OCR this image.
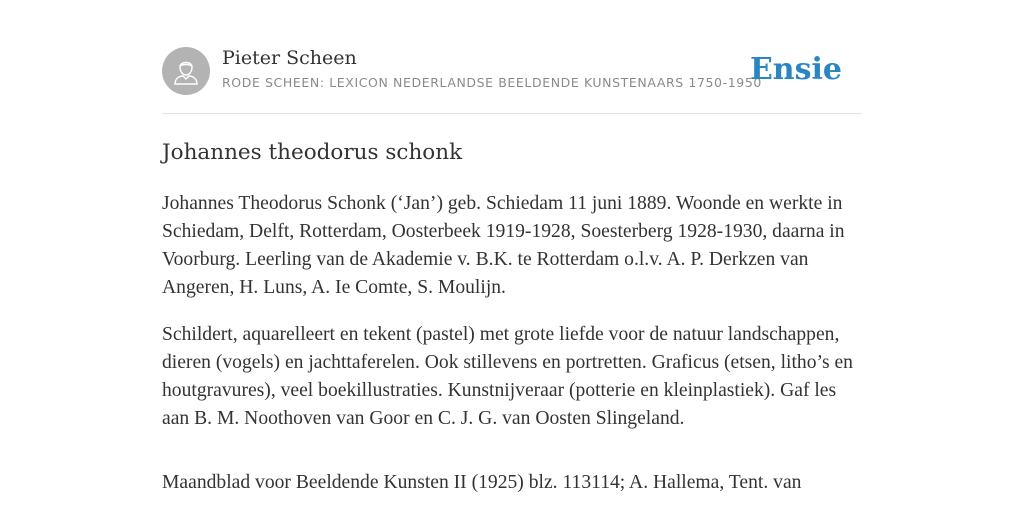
Pieter Scheen
RODE SCHEEN: LEXICON NEDERLANDSE BEELDENDE KUNSTENAARS 1750-1950
Ensie
Johannes theodorus schonk

Johannes Theodorus Schonk (‘Jan’) geb. Schiedam 11 juni 1889. Woonde en werkte in Schiedam, Delft, Rotterdam, Oosterbeek 1919-1928, Soesterberg 1928-1930, daarna in Voorburg. Leerling van de Akademie v. B.K. te Rotterdam o.l.v. A. P. Derkzen van Angeren, H. Luns, A. Ie Comte, S. Moulijn.

Schildert, aquarelleert en tekent (pastel) met grote liefde voor de natuur landschappen, dieren (vogels) en jachttaferelen. Ook stillevens en portretten. Graficus (etsen, litho’s en houtgravures), veel boekillustraties. Kunstnijveraar (potterie en kleinplastiek). Gaf les aan B. M. Noothoven van Goor en C. J. G. van Oosten Slingeland.

Maandblad voor Beeldende Kunsten II (1925) blz. 113114; A. Hallema, Tent. van
